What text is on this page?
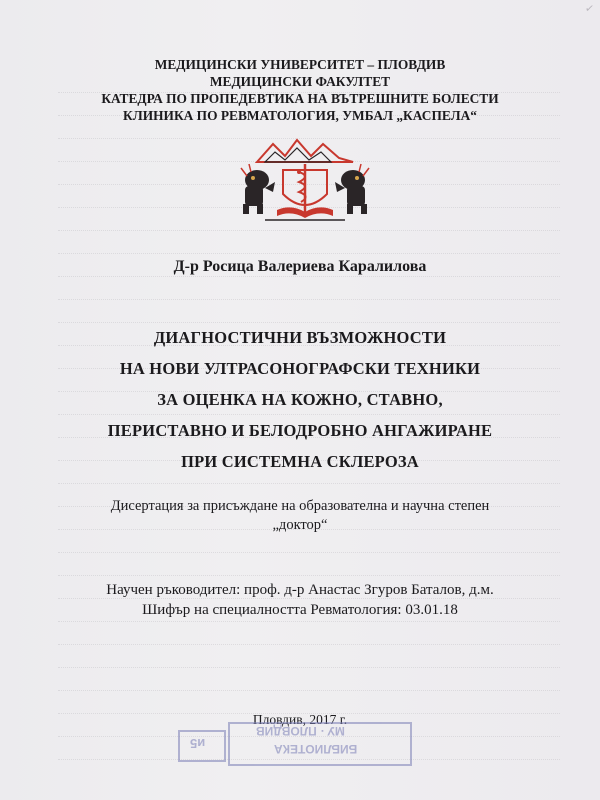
✓
МЕДИЦИНСКИ УНИВЕРСИТЕТ – ПЛОВДИВ
МЕДИЦИНСКИ ФАКУЛТЕТ
КАТЕДРА ПО ПРОПЕДЕВТИКА НА ВЪТРЕШНИТЕ БОЛЕСТИ
КЛИНИКА ПО РЕВМАТОЛОГИЯ, УМБАЛ „КАСПЕЛА“
Д-р Росица Валериева Каралилова
ДИАГНОСТИЧНИ ВЪЗМОЖНОСТИ
НА НОВИ УЛТРАСОНОГРАФСКИ ТЕХНИКИ
ЗА ОЦЕНКА НА КОЖНО, СТАВНО,
ПЕРИСТАВНО И БЕЛОДРОБНО АНГАЖИРАНЕ
ПРИ СИСТЕМНА СКЛЕРОЗА
Дисертация за присъждане на образователна и научна степен
„доктор“
Научен ръководител: проф. д-р Анастас Згуров Баталов, д.м.
Шифър на специалността Ревматология: 03.01.18
Пловдив, 2017 г.
и5
МУ · ПЛОВДИВ
БИБЛИОТЕКА
